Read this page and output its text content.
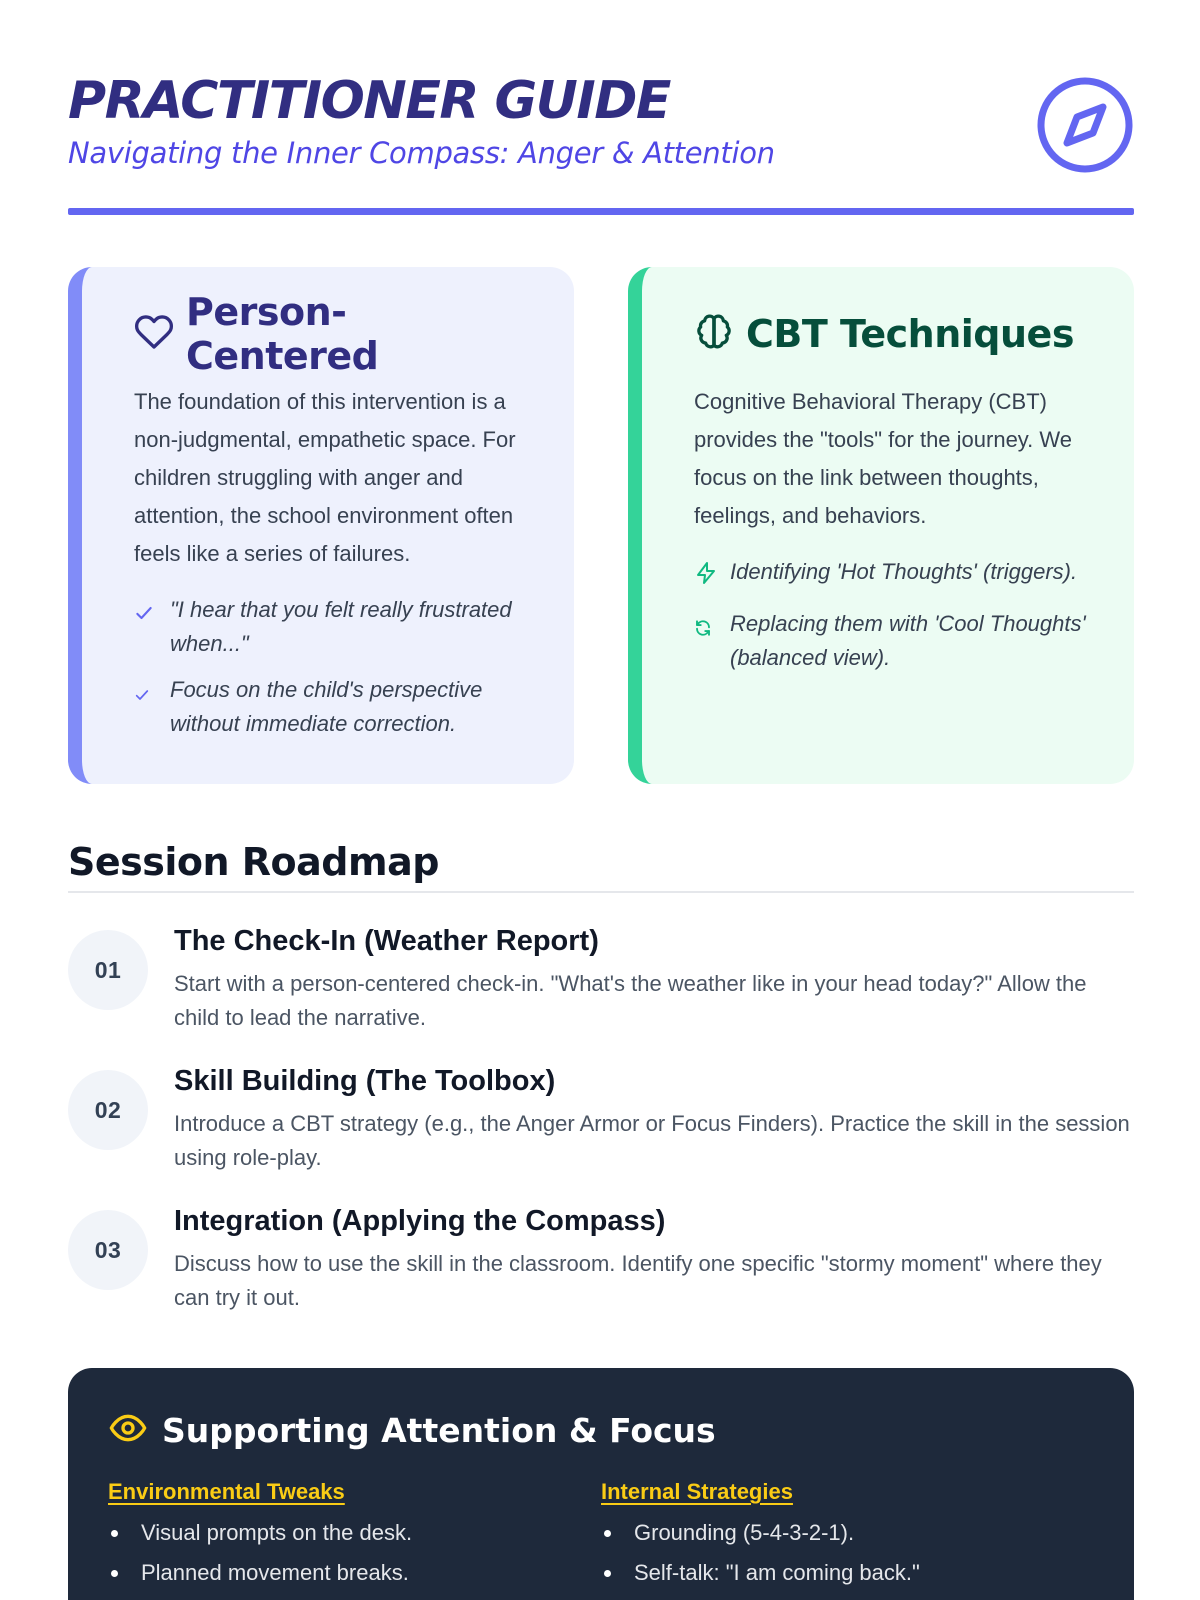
PRACTITIONER GUIDE
Navigating the Inner Compass: Anger & Attention
Person-Centered

The foundation of this intervention is a non-judgmental, empathetic space. For children struggling with anger and attention, the school environment often feels like a series of failures.

"I hear that you felt really frustrated when..."
Focus on the child's perspective without immediate correction.
CBT Techniques

Cognitive Behavioral Therapy (CBT) provides the "tools" for the journey. We focus on the link between thoughts, feelings, and behaviors.

Identifying 'Hot Thoughts' (triggers).
Replacing them with 'Cool Thoughts' (balanced view).
Session Roadmap
01
The Check-In (Weather Report)
Start with a person-centered check-in. "What's the weather like in your head today?" Allow the child to lead the narrative.
02
Skill Building (The Toolbox)
Introduce a CBT strategy (e.g., the Anger Armor or Focus Finders). Practice the skill in the session using role-play.
03
Integration (Applying the Compass)
Discuss how to use the skill in the classroom. Identify one specific "stormy moment" where they can try it out.
Supporting Attention & Focus
Environmental Tweaks
Visual prompts on the desk.
Planned movement breaks.
Internal Strategies
Grounding (5-4-3-2-1).
Self-talk: "I am coming back."
